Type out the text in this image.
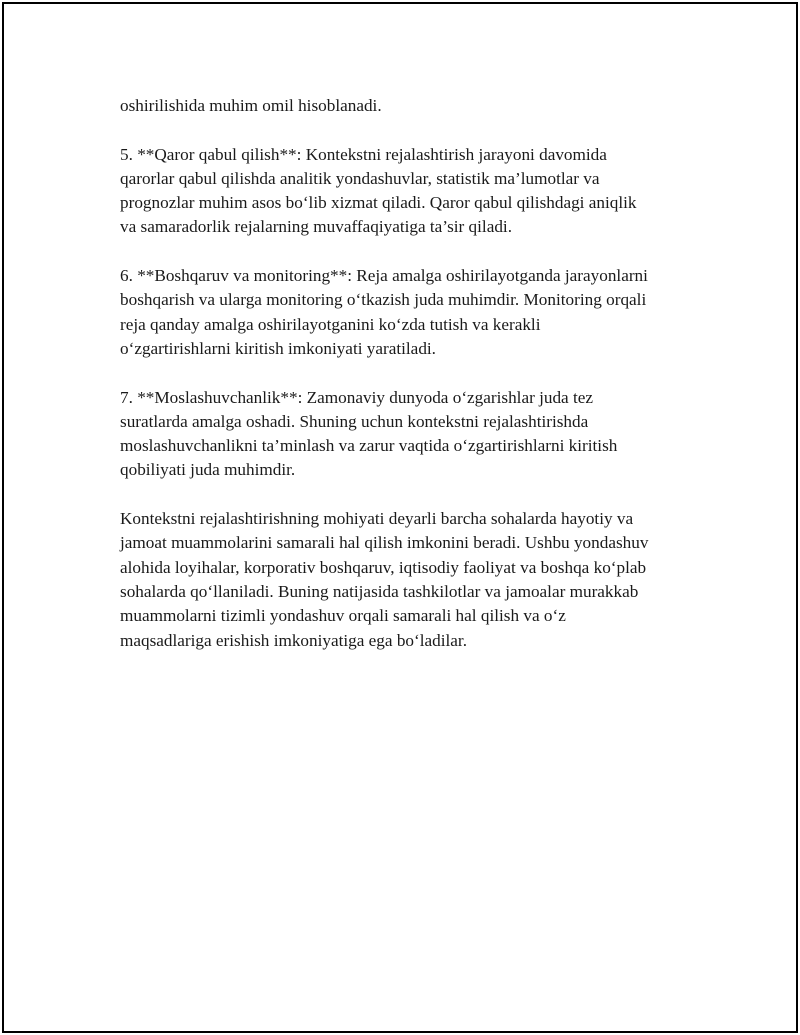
oshirilishida muhim omil hisoblanadi.

5. **Qaror qabul qilish**: Kontekstni rejalashtirish jarayoni davomida
qarorlar qabul qilishda analitik yondashuvlar, statistik ma’lumotlar va
prognozlar muhim asos bo‘lib xizmat qiladi. Qaror qabul qilishdagi aniqlik
va samaradorlik rejalarning muvaffaqiyatiga ta’sir qiladi.

6. **Boshqaruv va monitoring**: Reja amalga oshirilayotganda jarayonlarni
boshqarish va ularga monitoring o‘tkazish juda muhimdir. Monitoring orqali
reja qanday amalga oshirilayotganini ko‘zda tutish va kerakli
o‘zgartirishlarni kiritish imkoniyati yaratiladi.

7. **Moslashuvchanlik**: Zamonaviy dunyoda o‘zgarishlar juda tez
suratlarda amalga oshadi. Shuning uchun kontekstni rejalashtirishda
moslashuvchanlikni ta’minlash va zarur vaqtida o‘zgartirishlarni kiritish
qobiliyati juda muhimdir.

Kontekstni rejalashtirishning mohiyati deyarli barcha sohalarda hayotiy va
jamoat muammolarini samarali hal qilish imkonini beradi. Ushbu yondashuv
alohida loyihalar, korporativ boshqaruv, iqtisodiy faoliyat va boshqa ko‘plab
sohalarda qo‘llaniladi. Buning natijasida tashkilotlar va jamoalar murakkab
muammolarni tizimli yondashuv orqali samarali hal qilish va o‘z
maqsadlariga erishish imkoniyatiga ega bo‘ladilar.
